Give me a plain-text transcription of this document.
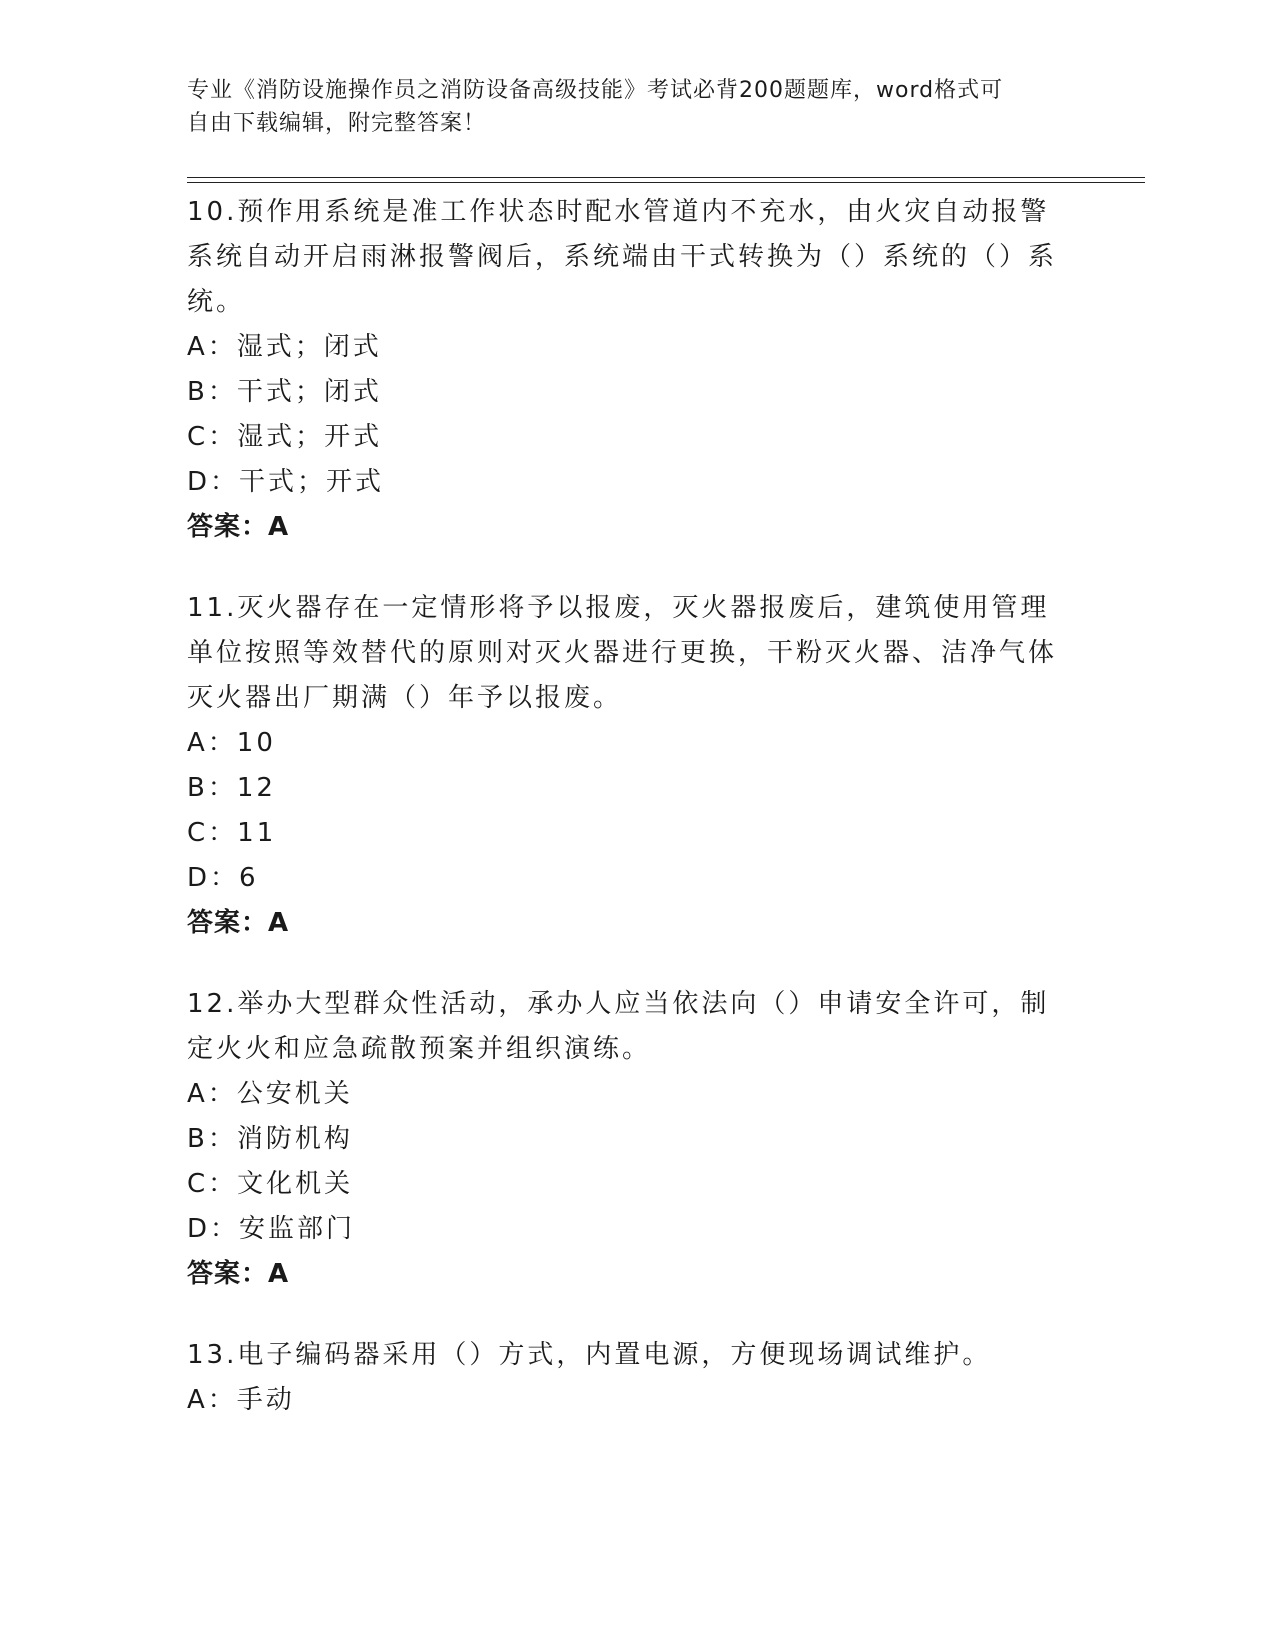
专业《消防设施操作员之消防设备高级技能》考试必背200题题库，word格式可
自由下载编辑，附完整答案！

10.预作用系统是准工作状态时配水管道内不充水，由火灾自动报警系统自动开启雨淋报警阀后，系统端由干式转换为（）系统的（）系统。

A：湿式；闭式

B：干式；闭式

C：湿式；开式

D：干式；开式

答案：A

11.灭火器存在一定情形将予以报废，灭火器报废后，建筑使用管理单位按照等效替代的原则对灭火器进行更换，干粉灭火器、洁净气体灭火器出厂期满（）年予以报废。

A：10

B：12

C：11

D：6

答案：A

12.举办大型群众性活动，承办人应当依法向（）申请安全许可，制定火火和应急疏散预案并组织演练。

A：公安机关

B：消防机构

C：文化机关

D：安监部门

答案：A

13.电子编码器采用（）方式，内置电源，方便现场调试维护。

A：手动
